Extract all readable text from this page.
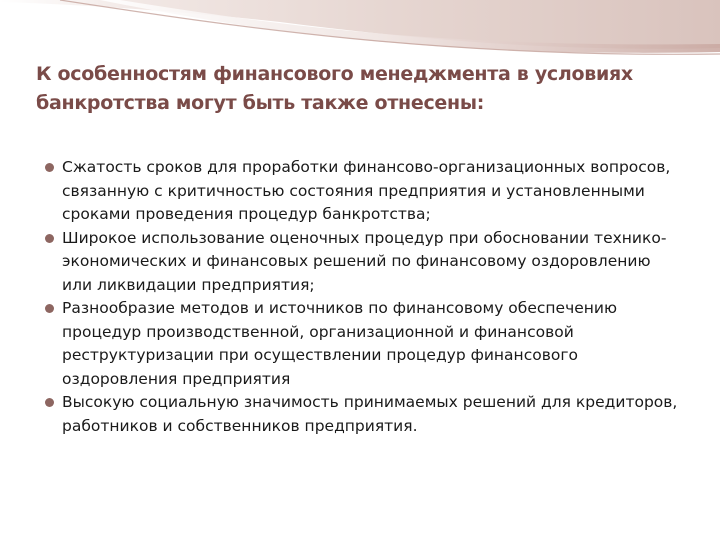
К особенностям финансового менеджмента в условиях банкротства могут быть также отнесены:
Сжатость сроков для проработки финансово-организационных вопросов, связанную с критичностью состояния предприятия и установленными сроками проведения процедур банкротства;
Широкое использование оценочных процедур при обосновании технико-экономических и финансовых решений по финансовому оздоровлению или ликвидации предприятия;
Разнообразие методов и источников по финансовому обеспечению процедур производственной, организационной и финансовой реструктуризации при осуществлении процедур финансового оздоровления предприятия
Высокую социальную значимость принимаемых решений для кредиторов, работников и собственников предприятия.
